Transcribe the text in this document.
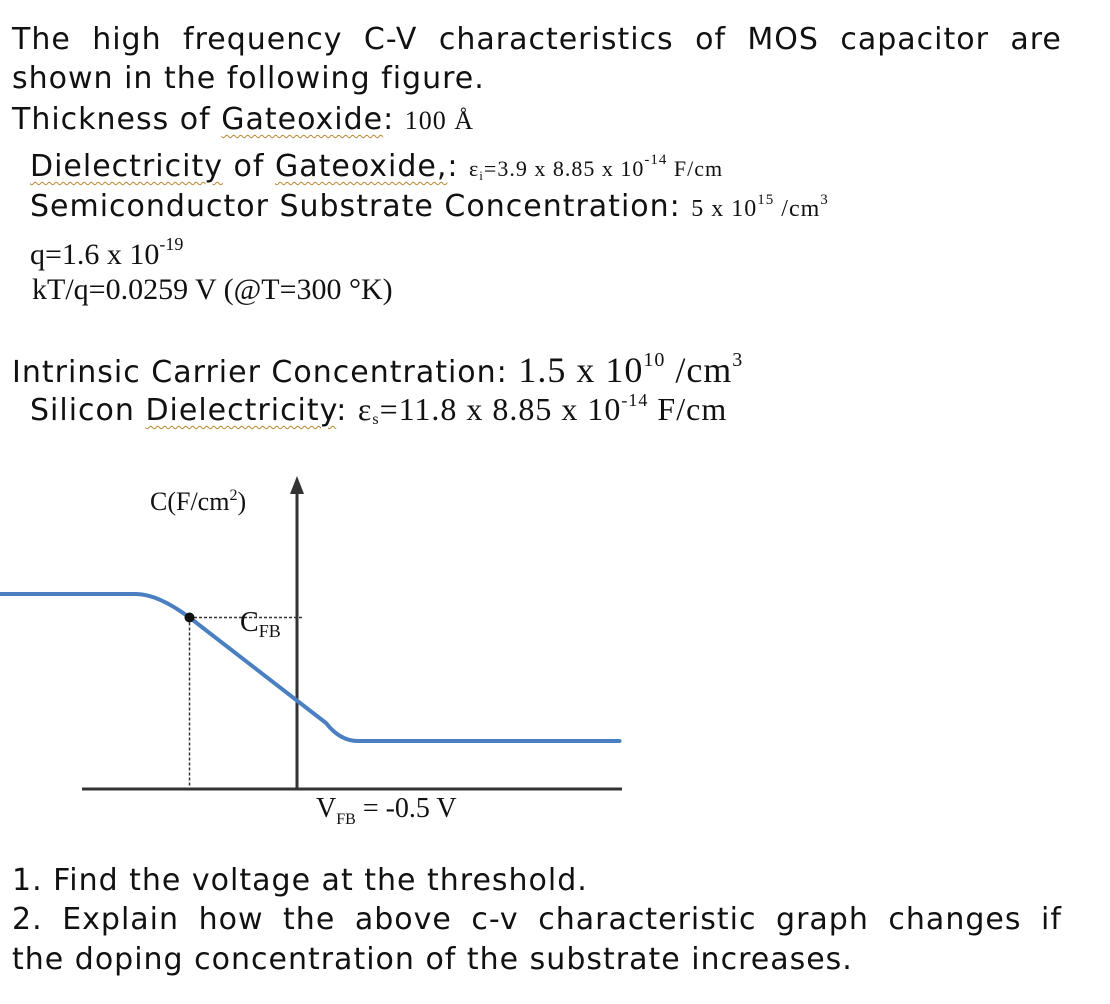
The high frequency C-V characteristics of MOS capacitor are
shown in the following figure.
Thickness of Gateoxide: 100 Å
Dielectricity of Gateoxide,: $\varepsilon_i=3.9$ x 8.85 x $10^{-14}$ F/cm
Semiconductor Substrate Concentration: 5 x $10^{15}$ $/cm^3$
q=1.6 x $10^{-19}$
kT/q=0.0259 V (@T=300 °K)
Intrinsic Carrier Concentration: 1.5 x $10^{10}$ $/cm^3$
Silicon Dielectricity: $\varepsilon_s=11.8$ x 8.85 x $10^{-14}$ F/cm
$C(F/cm^2)$
$C_{FB}$
$V_{FB} = -0.5$ V
1. Find the voltage at the threshold.
2. Explain how the above c-v characteristic graph changes if
the doping concentration of the substrate increases.
